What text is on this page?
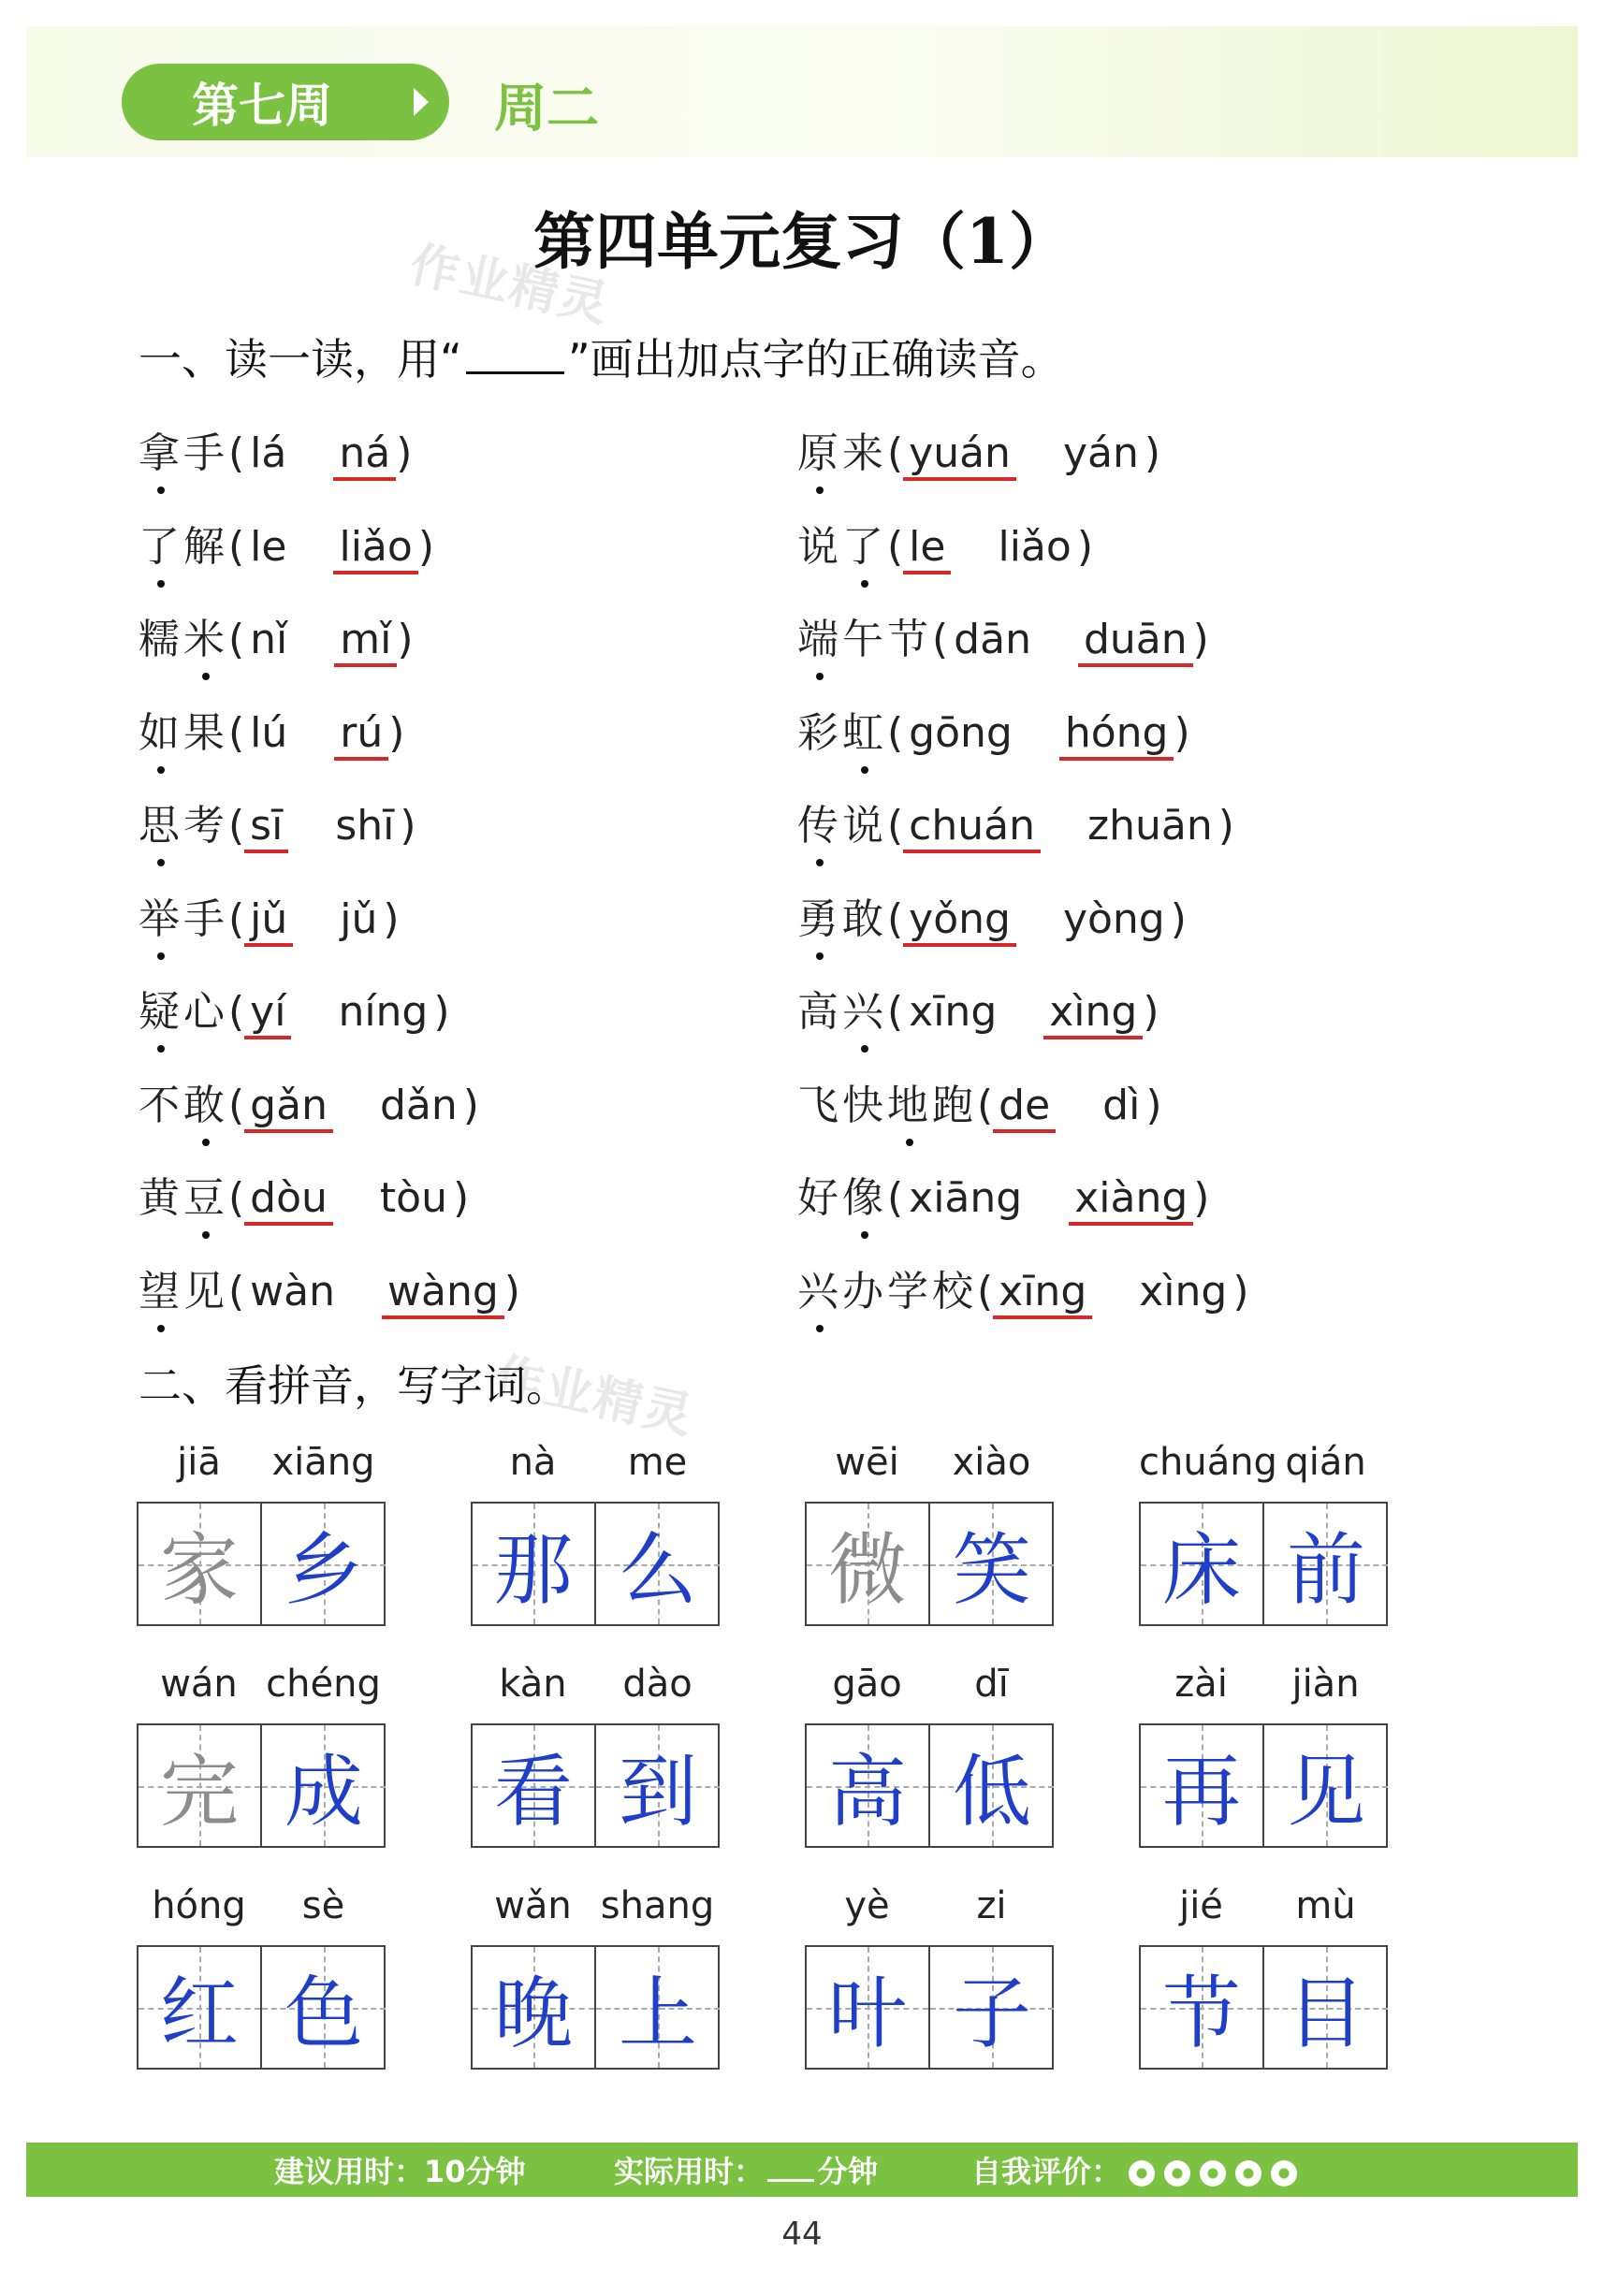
第七周	周二
第四单元复习（1）
作业精灵
作业精灵
一、读一读，用“ ”画出加点字的正确读音。
拿手( lá ná )	原来( yuán yán )
了解( le liǎo )	说了( le liǎo )
糯米( nǐ mǐ )	端午节( dān duān )
如果( lú rú )	彩虹( gōng hóng )
思考( sī shī )	传说( chuán zhuān )
举手( jǔ jǔ )	勇敢( yǒng yòng )
疑心( yí níng )	高兴( xīng xìng )
不敢( gǎn dǎn )	飞快地跑( de dì )
黄豆( dòu tòu )	好像( xiāng xiàng )
望见( wàn wàng )	兴办学校( xīng xìng )
二、看拼音，写字词。
jiā	xiāng
家 乡
nà	me
那 么
wēi	xiào
微 笑
chuáng qián
床 前
wán chéng
完 成
kàn	dào
看 到
gāo	dī
高 低
zài	jiàn
再 见
hóng	sè
红 色
wǎn shang
晚 上
yè	zi
叶 子
jié	mù
节 目
建议用时：10分钟	实际用时： 分钟	自我评价：
44
